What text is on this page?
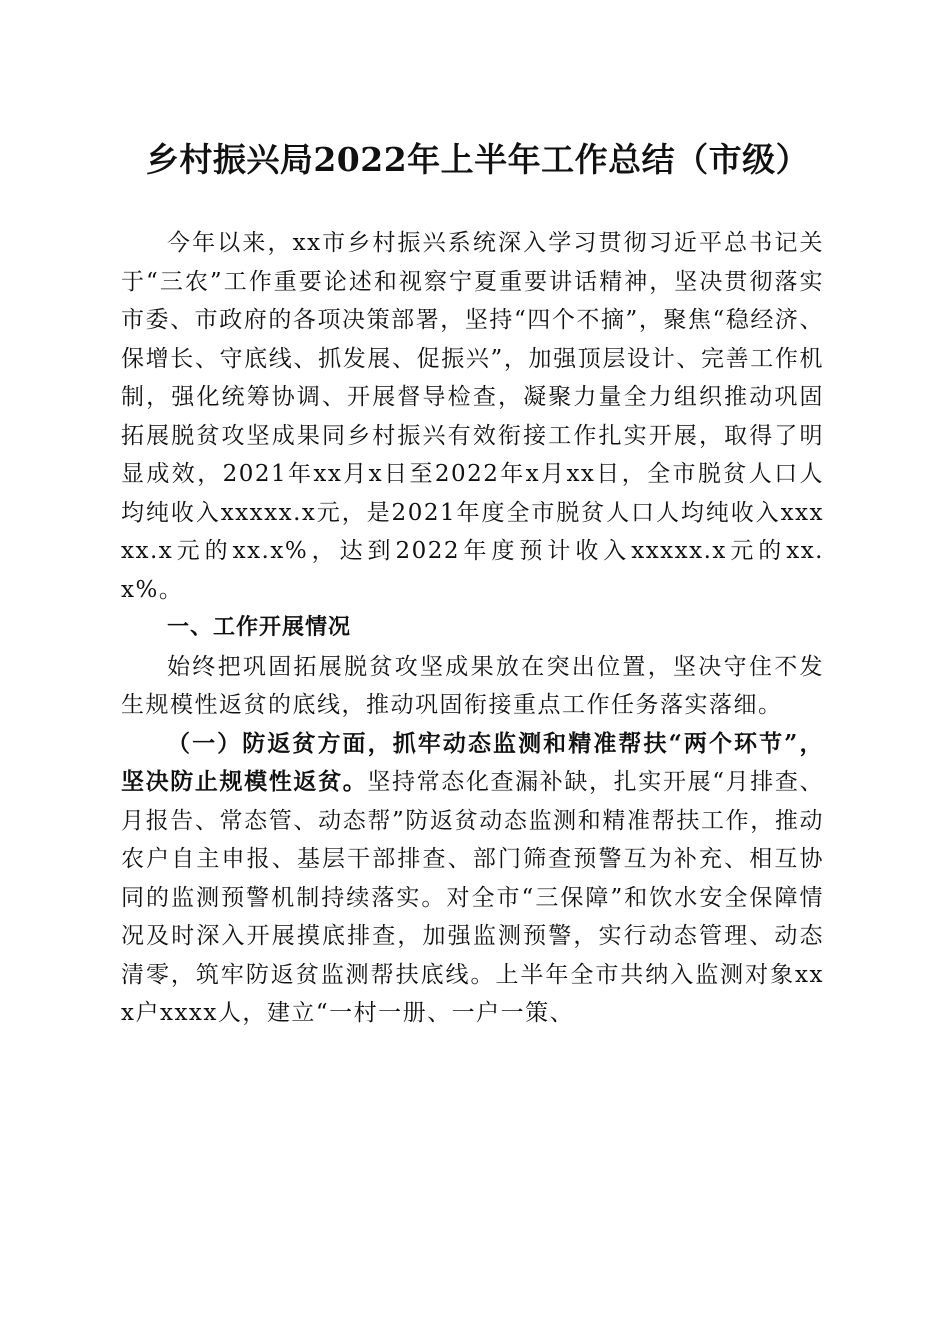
乡村振兴局2022年上半年工作总结（市级）

今年以来，xx市乡村振兴系统深入学习贯彻习近平总书记关于“三农”工作重要论述和视察宁夏重要讲话精神，坚决贯彻落实市委、市政府的各项决策部署，坚持“四个不摘”，聚焦“稳经济、保增长、守底线、抓发展、促振兴”，加强顶层设计、完善工作机制，强化统筹协调、开展督导检查，凝聚力量全力组织推动巩固拓展脱贫攻坚成果同乡村振兴有效衔接工作扎实开展，取得了明显成效，2021年xx月x日至2022年x月xx日，全市脱贫人口人均纯收入xxxxx.x元，是2021年度全市脱贫人口人均纯收入xxxxx.x元的xx.x%，达到2022年度预计收入xxxxx.x元的xx.x%。

一、工作开展情况

始终把巩固拓展脱贫攻坚成果放在突出位置，坚决守住不发生规模性返贫的底线，推动巩固衔接重点工作任务落实落细。

（一）防返贫方面，抓牢动态监测和精准帮扶“两个环节”，坚决防止规模性返贫。坚持常态化查漏补缺，扎实开展“月排查、月报告、常态管、动态帮”防返贫动态监测和精准帮扶工作，推动农户自主申报、基层干部排查、部门筛查预警互为补充、相互协同的监测预警机制持续落实。对全市“三保障”和饮水安全保障情况及时深入开展摸底排查，加强监测预警，实行动态管理、动态清零，筑牢防返贫监测帮扶底线。上半年全市共纳入监测对象xxx户xxxx人，建立“一村一册、一户一策、
